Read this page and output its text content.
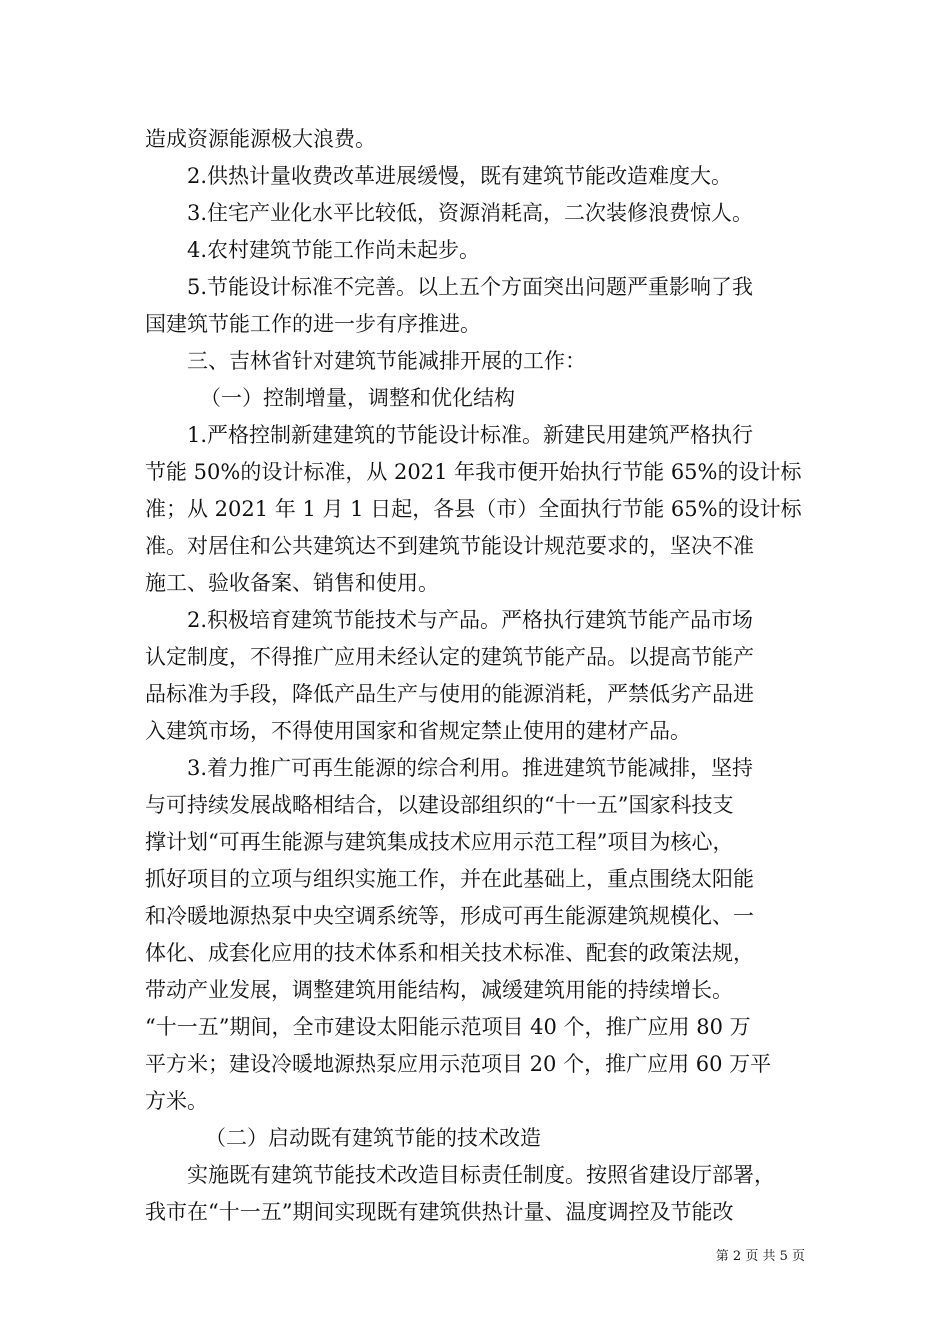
造成资源能源极大浪费。
2.供热计量收费改革进展缓慢，既有建筑节能改造难度大。
3.住宅产业化水平比较低，资源消耗高，二次装修浪费惊人。
4.农村建筑节能工作尚未起步。
5.节能设计标准不完善。以上五个方面突出问题严重影响了我
国建筑节能工作的进一步有序推进。
三、吉林省针对建筑节能减排开展的工作：
（一）控制增量，调整和优化结构
1.严格控制新建建筑的节能设计标准。新建民用建筑严格执行
节能 50%的设计标准，从 2021 年我市便开始执行节能 65%的设计标
准；从 2021 年 1 月 1 日起，各县（市）全面执行节能 65%的设计标
准。对居住和公共建筑达不到建筑节能设计规范要求的，坚决不准
施工、验收备案、销售和使用。
2.积极培育建筑节能技术与产品。严格执行建筑节能产品市场
认定制度，不得推广应用未经认定的建筑节能产品。以提高节能产
品标准为手段，降低产品生产与使用的能源消耗，严禁低劣产品进
入建筑市场，不得使用国家和省规定禁止使用的建材产品。
3.着力推广可再生能源的综合利用。推进建筑节能减排，坚持
与可持续发展战略相结合，以建设部组织的“十一五”国家科技支
撑计划“可再生能源与建筑集成技术应用示范工程”项目为核心，
抓好项目的立项与组织实施工作，并在此基础上，重点围绕太阳能
和冷暖地源热泵中央空调系统等，形成可再生能源建筑规模化、一
体化、成套化应用的技术体系和相关技术标准、配套的政策法规，
带动产业发展，调整建筑用能结构，减缓建筑用能的持续增长。
“十一五”期间，全市建设太阳能示范项目 40 个，推广应用 80 万
平方米；建设冷暖地源热泵应用示范项目 20 个，推广应用 60 万平
方米。
（二）启动既有建筑节能的技术改造
实施既有建筑节能技术改造目标责任制度。按照省建设厅部署，
我市在“十一五”期间实现既有建筑供热计量、温度调控及节能改
第 2 页 共 5 页
